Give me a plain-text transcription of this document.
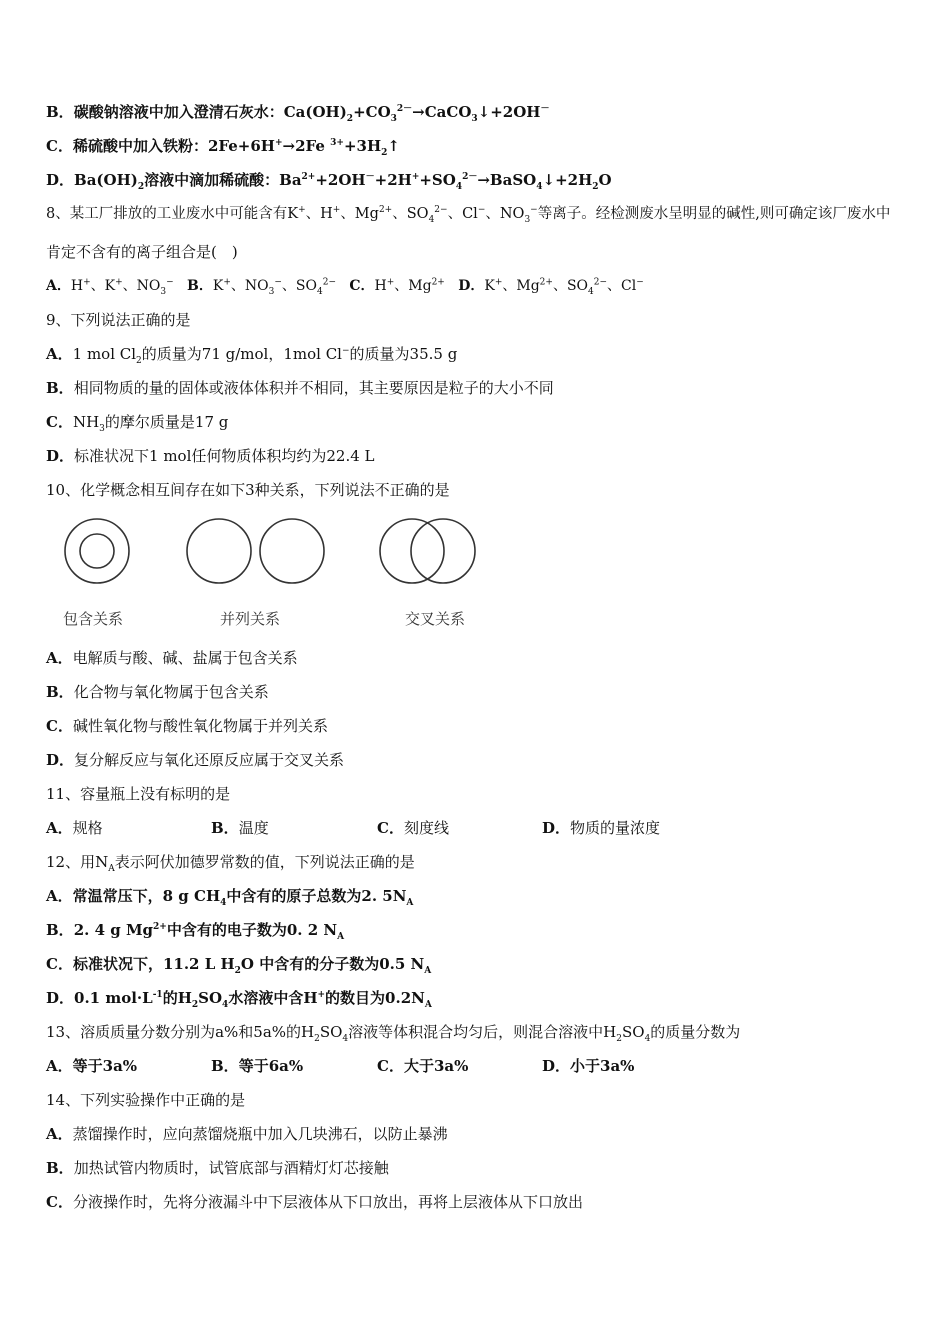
B．碳酸钠溶液中加入澄清石灰水：$Ca(OH)_2+CO_3^{2-}\to CaCO_3↓+2OH^-$
C．稀硫酸中加入铁粉：2Fe+6H+→2Fe $^{3+}+3H_2↑$
D．$Ba(OH)_2$溶液中滴加稀硫酸：$Ba^{2+}+2OH^-+2H^++SO_4^{2-}\to BaSO_4↓+2H_2O$
8、某工厂排放的工业废水中可能含有K+、H+、$Mg^{2+}$、$SO_4^{2-}$、Cl−、$NO_3^-$等离子。经检测废水呈明显的碱性,则可确定该厂废水中
肯定不含有的离子组合是(　)
A．H+、K+、$NO_3^-$ B．K+、$NO_3^-$、$SO_4^{2-}$ C．H+、$Mg^{2+}$ D．K+、$Mg^{2+}$、$SO_4^{2-}$、Cl−
9、下列说法正确的是
A．1 mol $Cl_2$的质量为71 g/mol，1mol Cl−的质量为35.5 g
B．相同物质的量的固体或液体体积并不相同，其主要原因是粒子的大小不同
C．$NH_3$的摩尔质量是17 g
D．标准状况下1 mol任何物质体积均约为22.4 L
10、化学概念相互间存在如下3种关系，下列说法不正确的是
包含关系	并列关系	交叉关系
A．电解质与酸、碱、盐属于包含关系
B．化合物与氧化物属于包含关系
C．碱性氧化物与酸性氧化物属于并列关系
D．复分解反应与氧化还原反应属于交叉关系
11、容量瓶上没有标明的是
A．规格	B．温度	C．刻度线	D．物质的量浓度
12、用$N_A$表示阿伏加德罗常数的值，下列说法正确的是
A．常温常压下，8 g $CH_4$中含有的原子总数为2. $5N_A$
B．2. 4 g $Mg^{2+}$中含有的电子数为0. 2 $N_A$
C．标准状况下，11.2 L $H_2O$ 中含有的分子数为0.5 $N_A$
D．0.1 $mol\cdot L^{-1}$的$H_2SO_4$水溶液中含H+的数目为$0.2N_A$
13、溶质质量分数分别为a%和5a%的$H_2SO_4$溶液等体积混合均匀后，则混合溶液中$H_2SO_4$的质量分数为
A．等于3a%	B．等于6a%	C．大于3a%	D．小于3a%
14、下列实验操作中正确的是
A．蒸馏操作时，应向蒸馏烧瓶中加入几块沸石，以防止暴沸
B．加热试管内物质时，试管底部与酒精灯灯芯接触
C．分液操作时，先将分液漏斗中下层液体从下口放出，再将上层液体从下口放出
